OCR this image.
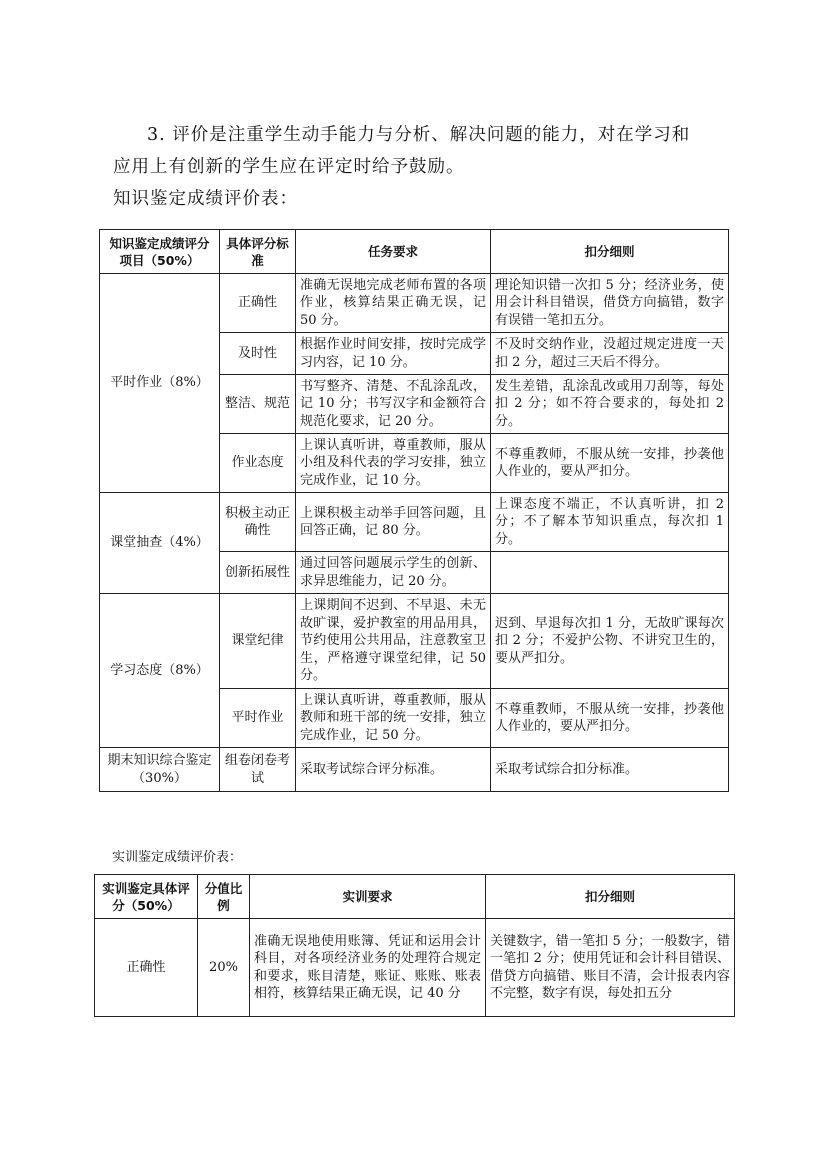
3. 评价是注重学生动手能力与分析、解决问题的能力，对在学习和
应用上有创新的学生应在评定时给予鼓励。
知识鉴定成绩评价表：
知识鉴定成绩评分项目（50%）	具体评分标准	任务要求	扣分细则
平时作业（8%）	正确性	准确无误地完成老师布置的各项作业，核算结果正确无误，记 50 分。	理论知识错一次扣 5 分；经济业务，使用会计科目错误，借贷方向搞错，数字有误错一笔扣五分。
	及时性	根据作业时间安排，按时完成学习内容，记 10 分。	不及时交纳作业，没超过规定进度一天扣 2 分，超过三天后不得分。
	整洁、规范	书写整齐、清楚、不乱涂乱改，记 10 分；书写汉字和金额符合规范化要求，记 20 分。	发生差错，乱涂乱改或用刀刮等，每处扣 2 分；如不符合要求的，每处扣 2 分。
	作业态度	上课认真听讲，尊重教师，服从小组及科代表的学习安排，独立完成作业，记 10 分。	不尊重教师，不服从统一安排，抄袭他人作业的，要从严扣分。
课堂抽查（4%）	积极主动正确性	上课积极主动举手回答问题，且回答正确，记 80 分。	上课态度不端正，不认真听讲，扣 2 分；不了解本节知识重点，每次扣 1 分。
	创新拓展性	通过回答问题展示学生的创新、求异思维能力，记 20 分。	
学习态度（8%）	课堂纪律	上课期间不迟到、不早退、未无故旷课，爱护教室的用品用具，节约使用公共用品，注意教室卫生，严格遵守课堂纪律，记 50 分。	迟到、早退每次扣 1 分，无故旷课每次扣 2 分；不爱护公物、不讲究卫生的，要从严扣分。
	平时作业	上课认真听讲，尊重教师，服从教师和班干部的统一安排，独立完成作业，记 50 分。	不尊重教师，不服从统一安排，抄袭他人作业的，要从严扣分。
期末知识综合鉴定（30%）	组卷闭卷考试	采取考试综合评分标准。	采取考试综合扣分标准。
实训鉴定成绩评价表：
实训鉴定具体评分（50%）	分值比例	实训要求	扣分细则
正确性	20%	准确无误地使用账簿、凭证和运用会计科目，对各项经济业务的处理符合规定和要求，账目清楚，账证、账账、账表相符，核算结果正确无误，记 40 分	关键数字，错一笔扣 5 分；一般数字，错一笔扣 2 分；使用凭证和会计科目错误、借贷方向搞错、账目不清，会计报表内容不完整，数字有误，每处扣五分
